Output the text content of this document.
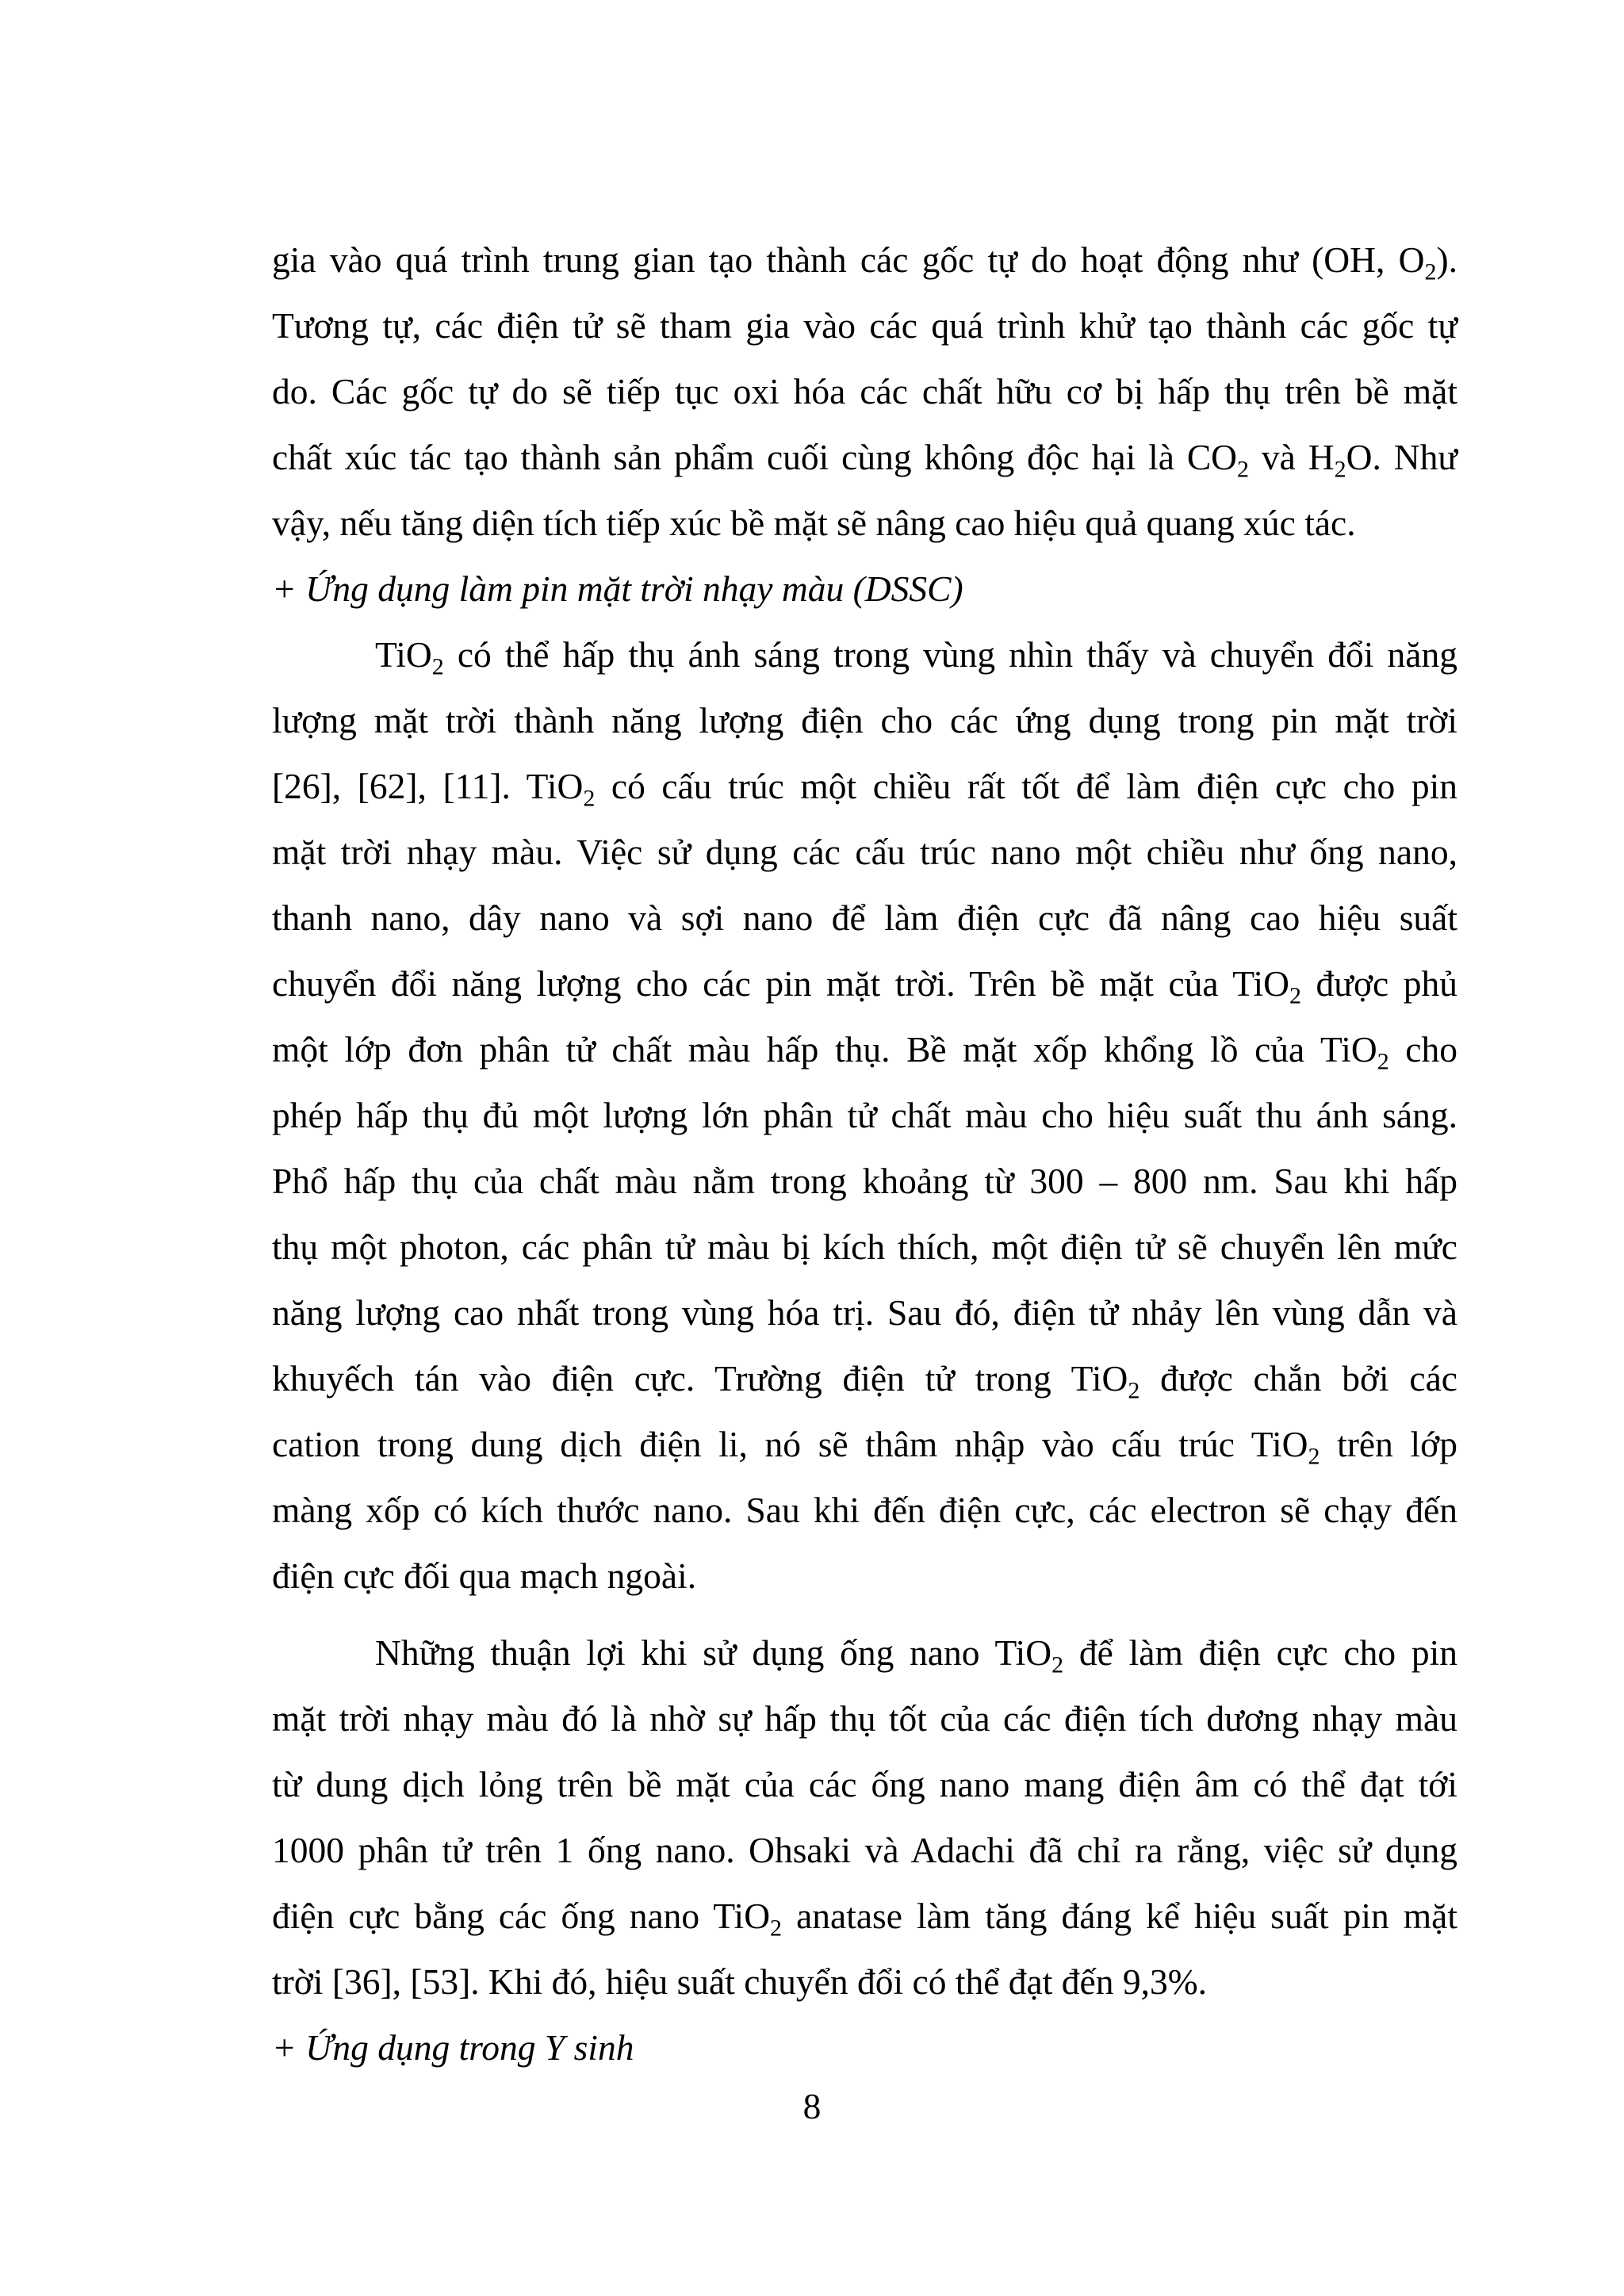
gia vào quá trình trung gian tạo thành các gốc tự do hoạt động như (OH, $O_2$).
Tương tự, các điện tử sẽ tham gia vào các quá trình khử tạo thành các gốc tự
do. Các gốc tự do sẽ tiếp tục oxi hóa các chất hữu cơ bị hấp thụ trên bề mặt
chất xúc tác tạo thành sản phẩm cuối cùng không độc hại là $CO_2$ và $H_2O$. Như
vậy, nếu tăng diện tích tiếp xúc bề mặt sẽ nâng cao hiệu quả quang xúc tác.
+ Ứng dụng làm pin mặt trời nhạy màu (DSSC)
TiO$_2$ có thể hấp thụ ánh sáng trong vùng nhìn thấy và chuyển đổi năng
lượng mặt trời thành năng lượng điện cho các ứng dụng trong pin mặt trời
[26], [62], [11]. TiO$_2$ có cấu trúc một chiều rất tốt để làm điện cực cho pin
mặt trời nhạy màu. Việc sử dụng các cấu trúc nano một chiều như ống nano,
thanh nano, dây nano và sợi nano để làm điện cực đã nâng cao hiệu suất
chuyển đổi năng lượng cho các pin mặt trời. Trên bề mặt của TiO$_2$ được phủ
một lớp đơn phân tử chất màu hấp thụ. Bề mặt xốp khổng lồ của TiO$_2$ cho
phép hấp thụ đủ một lượng lớn phân tử chất màu cho hiệu suất thu ánh sáng.
Phổ hấp thụ của chất màu nằm trong khoảng từ 300 – 800 nm. Sau khi hấp
thụ một photon, các phân tử màu bị kích thích, một điện tử sẽ chuyển lên mức
năng lượng cao nhất trong vùng hóa trị. Sau đó, điện tử nhảy lên vùng dẫn và
khuyếch tán vào điện cực. Trường điện tử trong TiO$_2$ được chắn bởi các
cation trong dung dịch điện li, nó sẽ thâm nhập vào cấu trúc TiO$_2$ trên lớp
màng xốp có kích thước nano. Sau khi đến điện cực, các electron sẽ chạy đến
điện cực đối qua mạch ngoài.
Những thuận lợi khi sử dụng ống nano TiO$_2$ để làm điện cực cho pin
mặt trời nhạy màu đó là nhờ sự hấp thụ tốt của các điện tích dương nhạy màu
từ dung dịch lỏng trên bề mặt của các ống nano mang điện âm có thể đạt tới
1000 phân tử trên 1 ống nano. Ohsaki và Adachi đã chỉ ra rằng, việc sử dụng
điện cực bằng các ống nano TiO$_2$ anatase làm tăng đáng kể hiệu suất pin mặt
trời [36], [53]. Khi đó, hiệu suất chuyển đổi có thể đạt đến 9,3%.
+ Ứng dụng trong Y sinh
8
